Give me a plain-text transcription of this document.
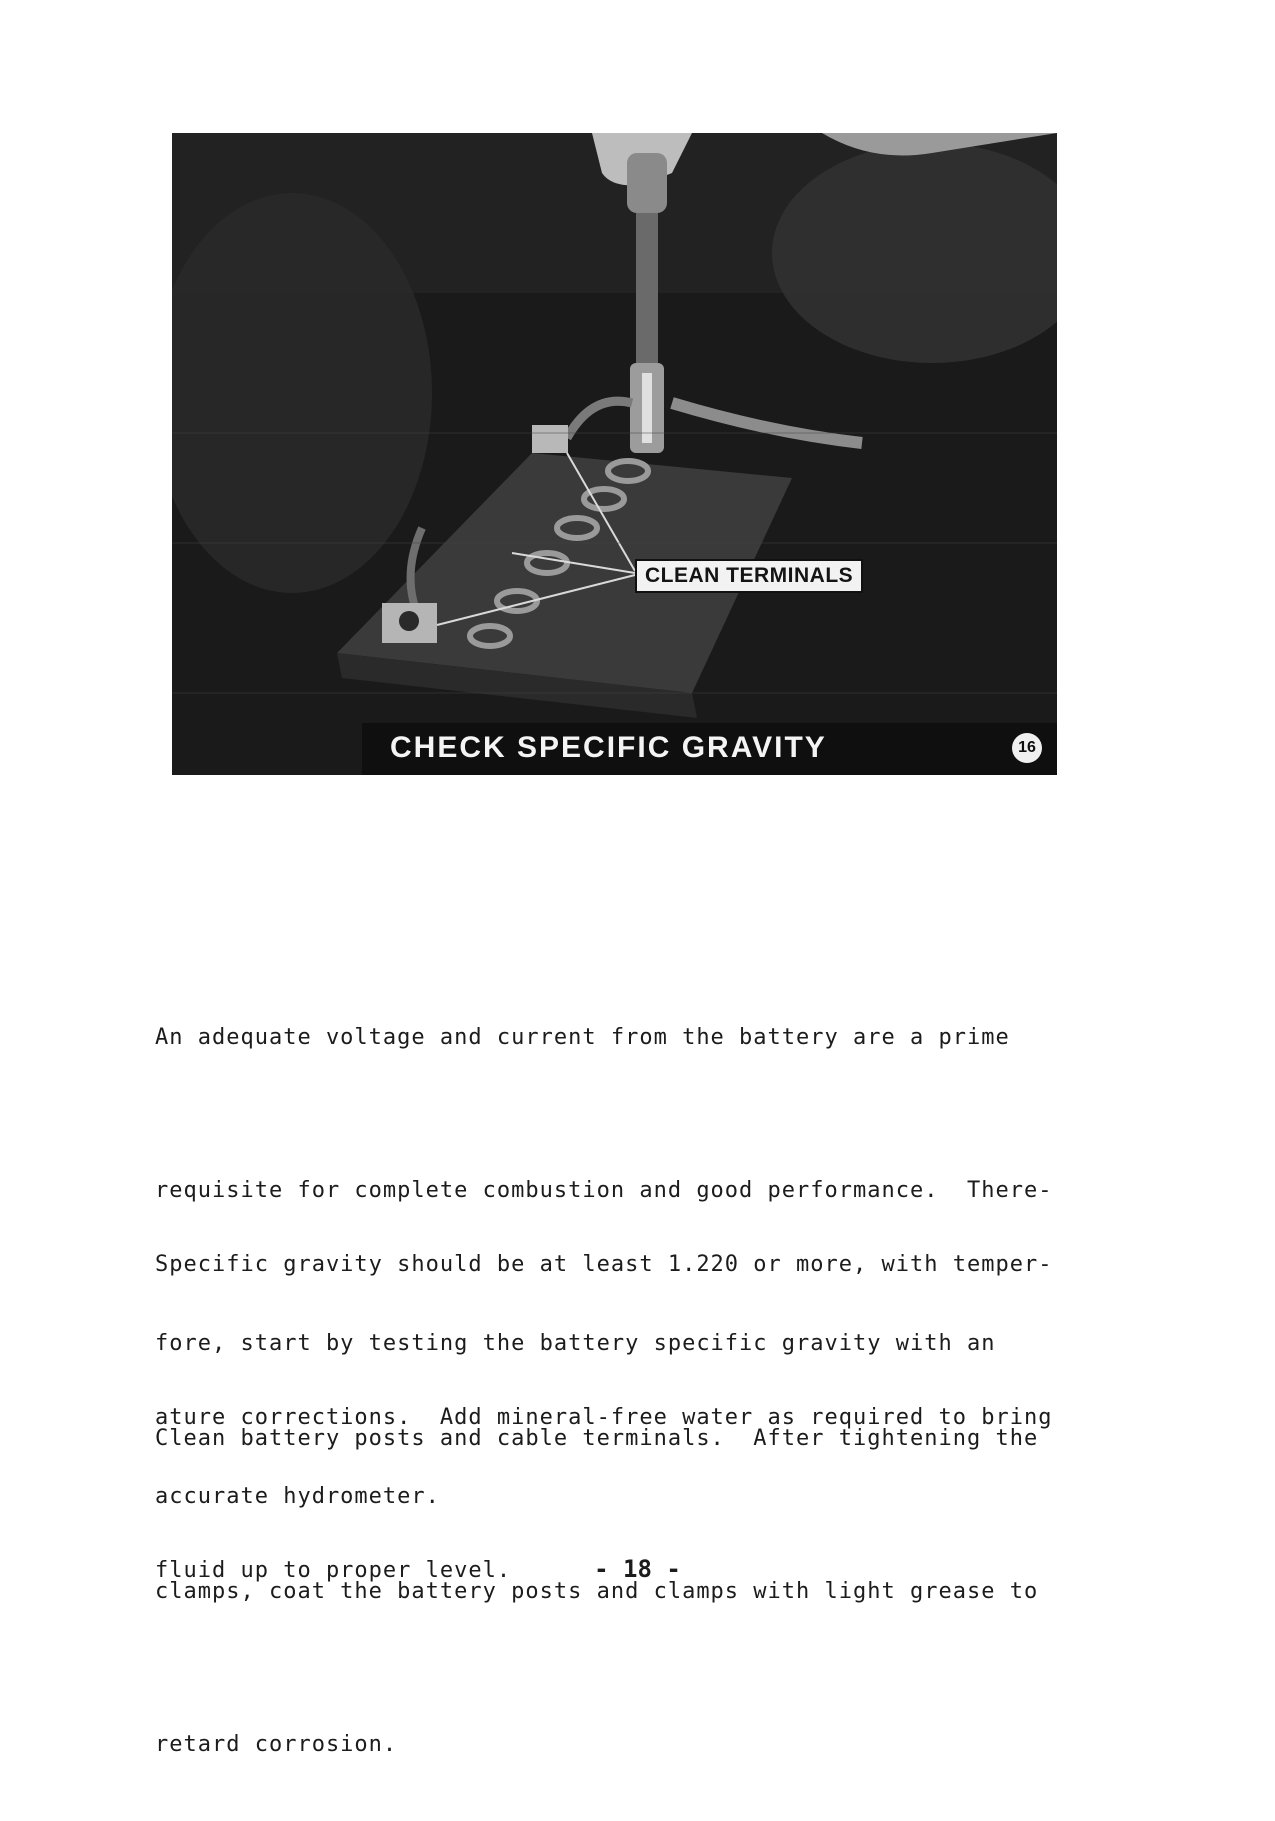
CLEAN TERMINALS
CHECK SPECIFIC GRAVITY	16

An adequate voltage and current from the battery are a prime

requisite for complete combustion and good performance.  There-

fore, start by testing the battery specific gravity with an

accurate hydrometer.

Specific gravity should be at least 1.220 or more, with temper-

ature corrections.  Add mineral-free water as required to bring

fluid up to proper level.

Clean battery posts and cable terminals.  After tightening the

clamps, coat the battery posts and clamps with light grease to

retard corrosion.

- 18 -
